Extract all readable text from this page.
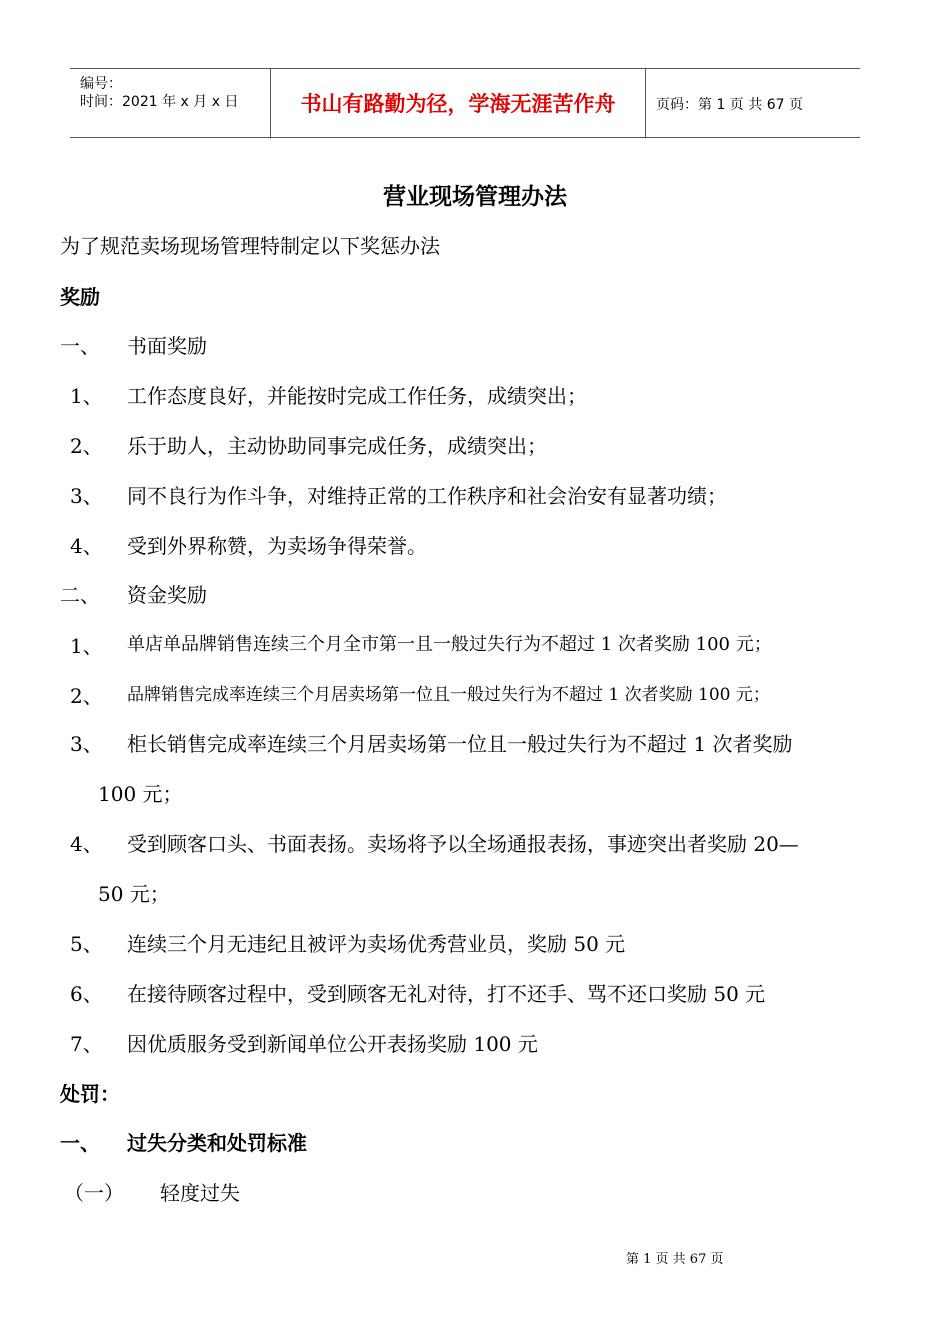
编号：
时间：2021 年 x 月 x 日	书山有路勤为径，学海无涯苦作舟	页码：第 1 页 共 67 页
营业现场管理办法
为了规范卖场现场管理特制定以下奖惩办法
奖励
一、 书面奖励
1、 工作态度良好，并能按时完成工作任务，成绩突出；
2、 乐于助人，主动协助同事完成任务，成绩突出；
3、 同不良行为作斗争，对维持正常的工作秩序和社会治安有显著功绩；
4、 受到外界称赞，为卖场争得荣誉。
二、 资金奖励
1、 单店单品牌销售连续三个月全市第一且一般过失行为不超过 1 次者奖励 100 元；
2、 品牌销售完成率连续三个月居卖场第一位且一般过失行为不超过 1 次者奖励 100 元；
3、 柜长销售完成率连续三个月居卖场第一位且一般过失行为不超过 1 次者奖励
100 元；
4、 受到顾客口头、书面表扬。卖场将予以全场通报表扬，事迹突出者奖励 20—
50 元；
5、 连续三个月无违纪且被评为卖场优秀营业员，奖励 50 元
6、 在接待顾客过程中，受到顾客无礼对待，打不还手、骂不还口奖励 50 元
7、 因优质服务受到新闻单位公开表扬奖励 100 元
处罚：
一、 过失分类和处罚标准
（一） 轻度过失
第 1 页 共 67 页
